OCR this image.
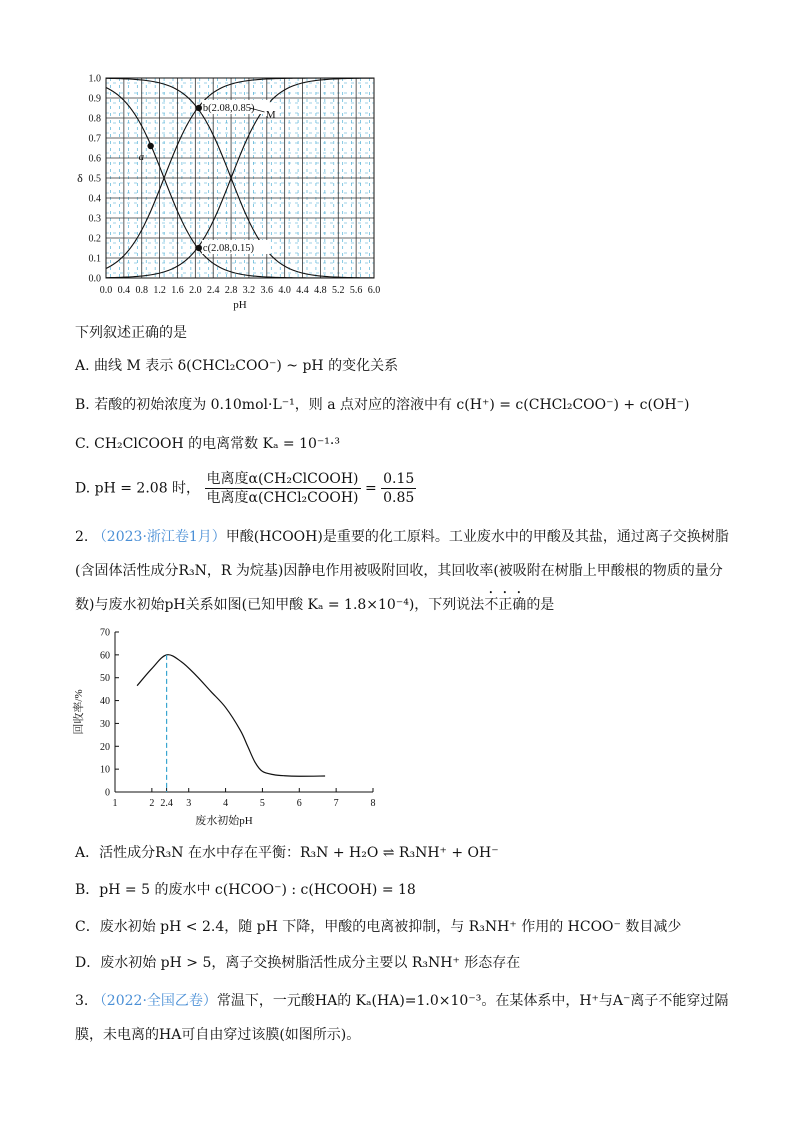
0.0 0.4 0.8 1.2 1.6 2.0 2.4 2.8 3.2 3.6 4.0 4.4 4.8 5.2 5.6 6.0
0.0
0.1
0.2
0.3
0.4
0.5
0.6
0.7
0.8
0.9
1.0
pH
δ
a
b(2.08,0.85)
c(2.08,0.15)
M
下列叙述正确的是
A. 曲线 M 表示 δ(CHCl₂COO⁻) ~ pH 的变化关系
B. 若酸的初始浓度为 0.10mol·L⁻¹，则 a 点对应的溶液中有 c(H⁺) = c(CHCl₂COO⁻) + c(OH⁻)
C. CH₂ClCOOH 的电离常数 Kₐ = 10⁻¹·³
D. pH = 2.08 时， $\frac{\text{电离度α(CH₂ClCOOH)}}{\text{电离度α(CHCl₂COOH)}} = \frac{0.15}{0.85}$
2. （2023·浙江卷1月）甲酸(HCOOH)是重要的化工原料。工业废水中的甲酸及其盐，通过离子交换树脂(含固体活性成分R₃N，R 为烷基)因静电作用被吸附回收，其回收率(被吸附在树脂上甲酸根的物质的量分数)与废水初始pH关系如图(已知甲酸 Kₐ = 1.8×10⁻⁴)，下列说法不正确的是
0
10
20
30
40
50
60
70
1	2 2.4 3	4	5	6	7	8
废水初始pH
回收率/%
A．活性成分R₃N 在水中存在平衡：R₃N + H₂O ⇌ R₃NH⁺ + OH⁻
B．pH = 5 的废水中 c(HCOO⁻) : c(HCOOH) = 18
C．废水初始 pH < 2.4，随 pH 下降，甲酸的电离被抑制，与 R₃NH⁺ 作用的 HCOO⁻ 数目减少
D．废水初始 pH > 5，离子交换树脂活性成分主要以 R₃NH⁺ 形态存在
3. （2022·全国乙卷）常温下，一元酸HA的 Kₐ(HA)=1.0×10⁻³。在某体系中，H⁺与A⁻离子不能穿过隔膜，未电离的HA可自由穿过该膜(如图所示)。
